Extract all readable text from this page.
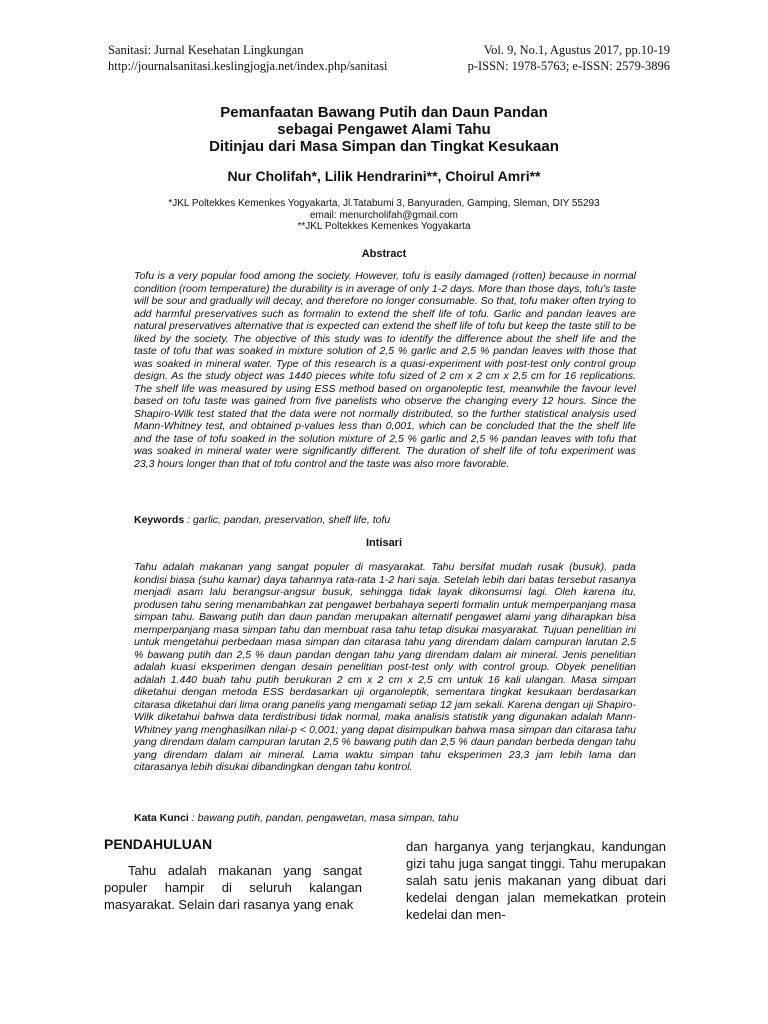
Sanitasi: Jurnal Kesehatan Lingkungan	Vol. 9, No.1, Agustus 2017, pp.10-19
http://journalsanitasi.keslingjogja.net/index.php/sanitasi	p-ISSN: 1978-5763; e-ISSN: 2579-3896
Pemanfaatan Bawang Putih dan Daun Pandan
sebagai Pengawet Alami Tahu
Ditinjau dari Masa Simpan dan Tingkat Kesukaan
Nur Cholifah*, Lilik Hendrarini**, Choirul Amri**
*JKL Poltekkes Kemenkes Yogyakarta, Jl.Tatabumi 3, Banyuraden, Gamping, Sleman, DIY 55293
email: menurcholifah@gmail.com
**JKL Poltekkes Kemenkes Yogyakarta
Abstract

Tofu is a very popular food among the society. However, tofu is easily damaged (rotten) because in normal condition (room temperature) the durability is in average of only 1-2 days. More than those days, tofu’s taste will be sour and gradually will decay, and therefore no longer consumable. So that, tofu maker often trying to add harmful preservatives such as formalin to extend the shelf life of tofu. Garlic and pandan leaves are natural preservatives alternative that is expected can extend the shelf life of tofu but keep the taste still to be liked by the society. The objective of this study was to identify the difference about the shelf life and the taste of tofu that was soaked in mixture solution of 2,5 % garlic and 2,5 % pandan leaves with those that was soaked in mineral water. Type of this research is a quasi-experiment with post-test only control group design. As the study object was 1440 pieces white tofu sized of 2 cm x 2 cm x 2,5 cm for 16 replications. The shelf life was measured by using ESS method based on organoleptic test, meanwhile the favour level based on tofu taste was gained from five panelists who observe the changing every 12 hours. Since the Shapiro-Wilk test stated that the data were not normally distributed, so the further statistical analysis used Mann-Whitney test, and obtained p-values less than 0,001, which can be concluded that the the shelf life and the tase of tofu soaked in the solution mixture of 2,5 % garlic and 2,5 % pandan leaves with tofu that was soaked in mineral water were significantly different. The duration of shelf life of tofu experiment was 23,3 hours longer than that of tofu control and the taste was also more favorable.

Keywords : garlic, pandan, preservation, shelf life, tofu
Intisari

Tahu adalah makanan yang sangat populer di masyarakat. Tahu bersifat mudah rusak (busuk), pada kondisi biasa (suhu kamar) daya tahannya rata-rata 1-2 hari saja. Setelah lebih dari batas tersebut rasanya menjadi asam lalu berangsur-angsur busuk, sehingga tidak layak dikonsumsi lagi. Oleh karena itu, produsen tahu sering menambahkan zat pengawet berbahaya seperti formalin untuk memperpanjang masa simpan tahu. Bawang putih dan daun pandan merupakan alternatif pengawet alami yang diharapkan bisa memperpanjang masa simpan tahu dan membuat rasa tahu tetap disukai masyarakat. Tujuan penelitian ini untuk mengetahui perbedaan masa simpan dan citarasa tahu yang direndam dalam campuran larutan 2,5 % bawang putih dan 2,5 % daun pandan dengan tahu yang direndam dalam air mineral. Jenis penelitian adalah kuasi eksperimen dengan desain penelitian post-test only with control group. Obyek penelitian adalah 1.440 buah tahu putih berukuran 2 cm x 2 cm x 2,5 cm untuk 16 kali ulangan. Masa simpan diketahui dengan metoda ESS berdasarkan uji organoleptik, sementara tingkat kesukaan berdasarkan citarasa diketahui dari lima orang panelis yang mengamati setiap 12 jam sekali. Karena dengan uji Shapiro-Wilk diketahui bahwa data terdistribusi tidak normal, maka analisis statistik yang digunakan adalah Mann-Whitney yang menghasilkan nilai-p < 0,001; yang dapat disimpulkan bahwa masa simpan dan citarasa tahu yang direndam dalam campuran larutan 2,5 % bawang putih dan 2,5 % daun pandan berbeda dengan tahu yang direndam dalam air mineral. Lama waktu simpan tahu eksperimen 23,3 jam lebih lama dan citarasanya lebih disukai dibandingkan dengan tahu kontrol.

Kata Kunci : bawang putih, pandan, pengawetan, masa simpan, tahu
PENDAHULUAN

Tahu adalah makanan yang sangat populer hampir di seluruh kalangan masyarakat. Selain dari rasanya yang enak

dan harganya yang terjangkau, kandungan gizi tahu juga sangat tinggi. Tahu merupakan salah satu jenis makanan yang dibuat dari kedelai dengan jalan memekatkan protein kedelai dan men-
